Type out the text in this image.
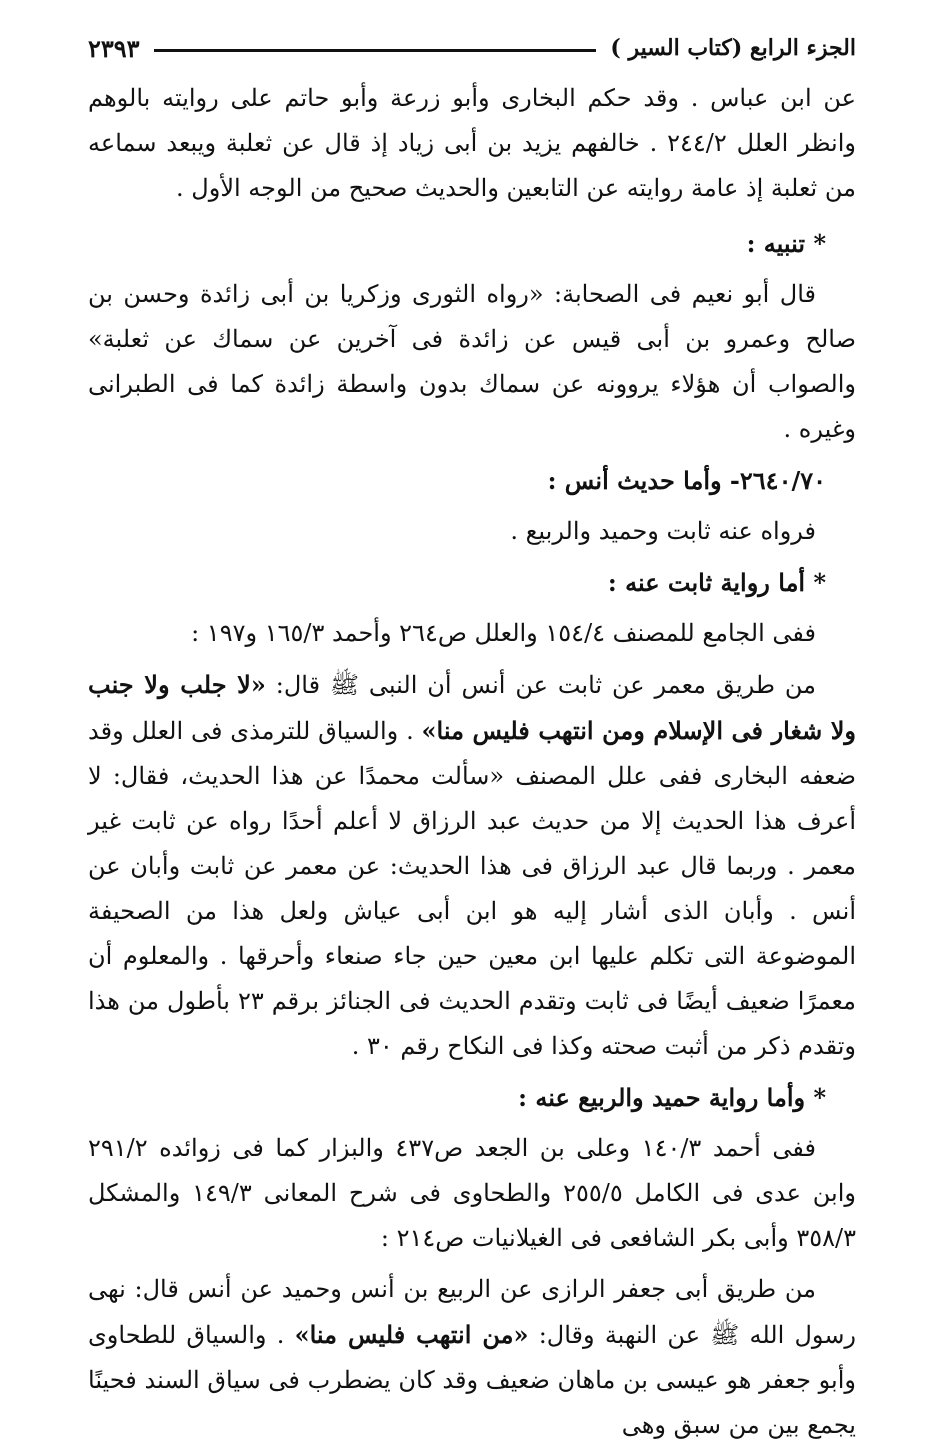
الجزء الرابع (كتاب السير )
٢٣٩٣

عن ابن عباس . وقد حكم البخارى وأبو زرعة وأبو حاتم على روايته بالوهم وانظر العلل ٢٤٤/٢ . خالفهم يزيد بن أبى زياد إذ قال عن ثعلبة ويبعد سماعه من ثعلبة إذ عامة روايته عن التابعين والحديث صحيح من الوجه الأول .

* تنبيه :

قال أبو نعيم فى الصحابة: «رواه الثورى وزكريا بن أبى زائدة وحسن بن صالح وعمرو بن أبى قيس عن زائدة فى آخرين عن سماك عن ثعلبة» والصواب أن هؤلاء يروونه عن سماك بدون واسطة زائدة كما فى الطبرانى وغيره .

٢٦٤٠/٧٠- وأما حديث أنس :

فرواه عنه ثابت وحميد والربيع .

* أما رواية ثابت عنه :

ففى الجامع للمصنف ١٥٤/٤ والعلل ص٢٦٤ وأحمد ١٦٥/٣ و١٩٧ :

من طريق معمر عن ثابت عن أنس أن النبى ﷺ قال: «لا جلب ولا جنب ولا شغار فى الإسلام ومن انتهب فليس منا» . والسياق للترمذى فى العلل وقد ضعفه البخارى ففى علل المصنف «سألت محمدًا عن هذا الحديث، فقال: لا أعرف هذا الحديث إلا من حديث عبد الرزاق لا أعلم أحدًا رواه عن ثابت غير معمر . وربما قال عبد الرزاق فى هذا الحديث: عن معمر عن ثابت وأبان عن أنس . وأبان الذى أشار إليه هو ابن أبى عياش ولعل هذا من الصحيفة الموضوعة التى تكلم عليها ابن معين حين جاء صنعاء وأحرقها . والمعلوم أن معمرًا ضعيف أيضًا فى ثابت وتقدم الحديث فى الجنائز برقم ٢٣ بأطول من هذا وتقدم ذكر من أثبت صحته وكذا فى النكاح رقم ٣٠ .

* وأما رواية حميد والربيع عنه :

ففى أحمد ١٤٠/٣ وعلى بن الجعد ص٤٣٧ والبزار كما فى زوائده ٢٩١/٢ وابن عدى فى الكامل ٢٥٥/٥ والطحاوى فى شرح المعانى ١٤٩/٣ والمشكل ٣٥٨/٣ وأبى بكر الشافعى فى الغيلانيات ص٢١٤ :

من طريق أبى جعفر الرازى عن الربيع بن أنس وحميد عن أنس قال: نهى رسول الله ﷺ عن النهبة وقال: «من انتهب فليس منا» . والسياق للطحاوى وأبو جعفر هو عيسى بن ماهان ضعيف وقد كان يضطرب فى سياق السند فحينًا يجمع بين من سبق وهى
